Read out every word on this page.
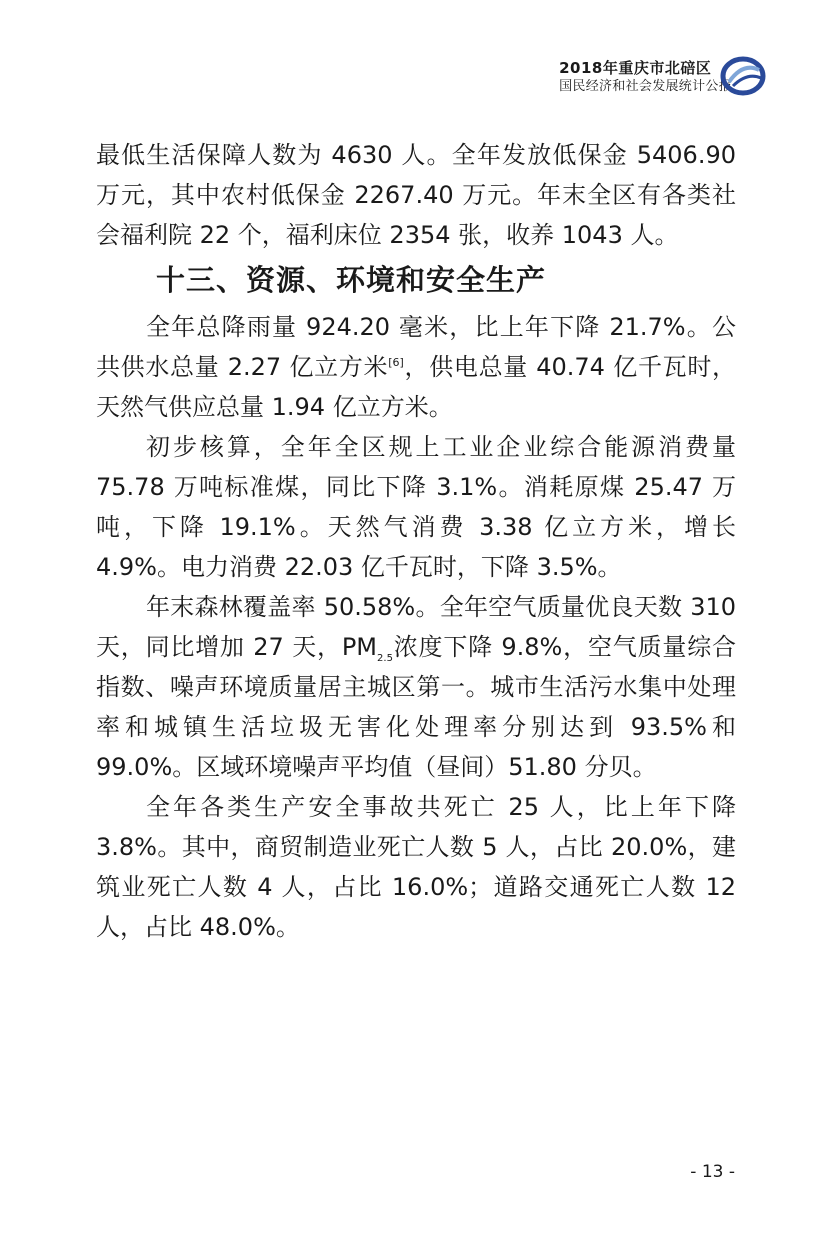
2018年重庆市北碚区
国民经济和社会发展统计公报

最低生活保障人数为 4630 人。全年发放低保金 5406.90 万元，其中农村低保金 2267.40 万元。年末全区有各类社会福利院 22 个，福利床位 2354 张，收养 1043 人。

十三、资源、环境和安全生产

全年总降雨量 924.20 毫米，比上年下降 21.7%。公共供水总量 2.27 亿立方米[6]，供电总量 40.74 亿千瓦时，天然气供应总量 1.94 亿立方米。

初步核算，全年全区规上工业企业综合能源消费量 75.78 万吨标准煤，同比下降 3.1%。消耗原煤 25.47 万吨，下降 19.1%。天然气消费 3.38 亿立方米，增长 4.9%。电力消费 22.03 亿千瓦时，下降 3.5%。

年末森林覆盖率 50.58%。全年空气质量优良天数 310 天，同比增加 27 天，$PM_{2.5}$浓度下降 9.8%，空气质量综合指数、噪声环境质量居主城区第一。城市生活污水集中处理率和城镇生活垃圾无害化处理率分别达到 93.5%和 99.0%。区域环境噪声平均值（昼间）51.80 分贝。

全年各类生产安全事故共死亡 25 人，比上年下降 3.8%。其中，商贸制造业死亡人数 5 人，占比 20.0%，建筑业死亡人数 4 人，占比 16.0%；道路交通死亡人数 12 人，占比 48.0%。

- 13 -
